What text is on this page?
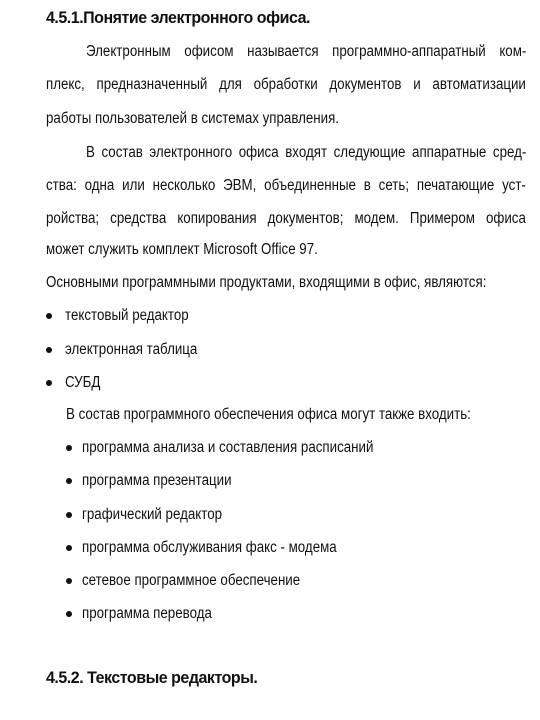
4.5.1.Понятие электронного офиса.
Электронным офисом называется программно-аппаратный ком-
плекс, предназначенный для обработки документов и автоматизации
работы пользователей в системах управления.
В состав электронного офиса входят следующие аппаратные сред-
ства: одна или несколько ЭВМ, объединенные в сеть; печатающие уст-
ройства; средства копирования документов; модем. Примером офиса
может служить комплект Microsoft Office 97.
Основными программными продуктами, входящими в офис, являются:
текстовый редактор
электронная таблица
СУБД
В состав программного обеспечения офиса могут также входить:
программа анализа и составления расписаний
программа презентации
графический редактор
программа обслуживания факс - модема
сетевое программное обеспечение
программа перевода
4.5.2. Текстовые редакторы.
